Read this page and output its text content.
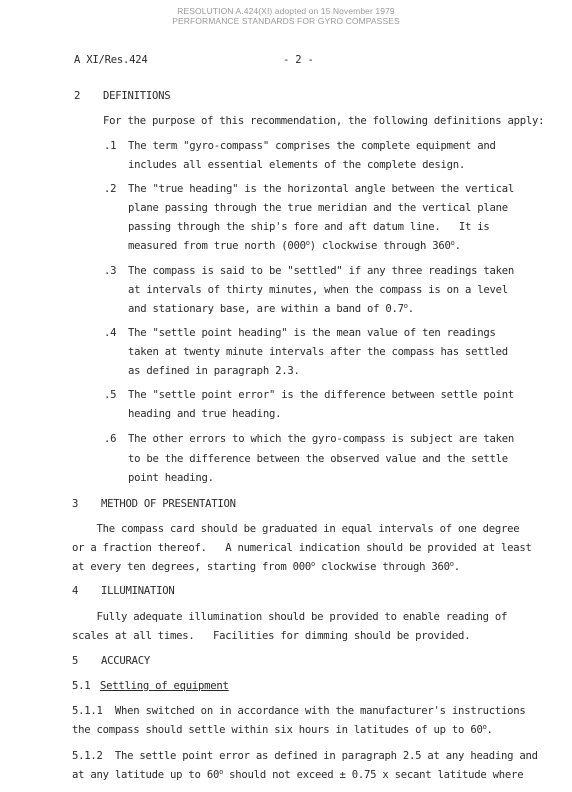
RESOLUTION A.424(XI) adopted on 15 November 1979
PERFORMANCE STANDARDS FOR GYRO COMPASSES
A XI/Res.424	- 2 -
2 DEFINITIONS
For the purpose of this recommendation, the following definitions apply:
.1 The term "gyro-compass" comprises the complete equipment and
includes all essential elements of the complete design.
.2 The "true heading" is the horizontal angle between the vertical
plane passing through the true meridian and the vertical plane
passing through the ship's fore and aft datum line.   It is
measured from true north (000$^o$) clockwise through 360$^o$.
.3 The compass is said to be "settled" if any three readings taken
at intervals of thirty minutes, when the compass is on a level
and stationary base, are within a band of 0.7$^o$.
.4 The "settle point heading" is the mean value of ten readings
taken at twenty minute intervals after the compass has settled
as defined in paragraph 2.3.
.5 The "settle point error" is the difference between settle point
heading and true heading.
.6 The other errors to which the gyro-compass is subject are taken
to be the difference between the observed value and the settle
point heading.
3 METHOD OF PRESENTATION
The compass card should be graduated in equal intervals of one degree
or a fraction thereof.   A numerical indication should be provided at least
at every ten degrees, starting from 000$^o$ clockwise through 360$^o$.
4 ILLUMINATION
Fully adequate illumination should be provided to enable reading of
scales at all times.   Facilities for dimming should be provided.
5 ACCURACY
5.1 Settling of equipment
5.1.1  When switched on in accordance with the manufacturer's instructions
the compass should settle within six hours in latitudes of up to 60$^o$.
5.1.2  The settle point error as defined in paragraph 2.5 at any heading and
at any latitude up to 60$^o$ should not exceed ± 0.75 x secant latitude where
